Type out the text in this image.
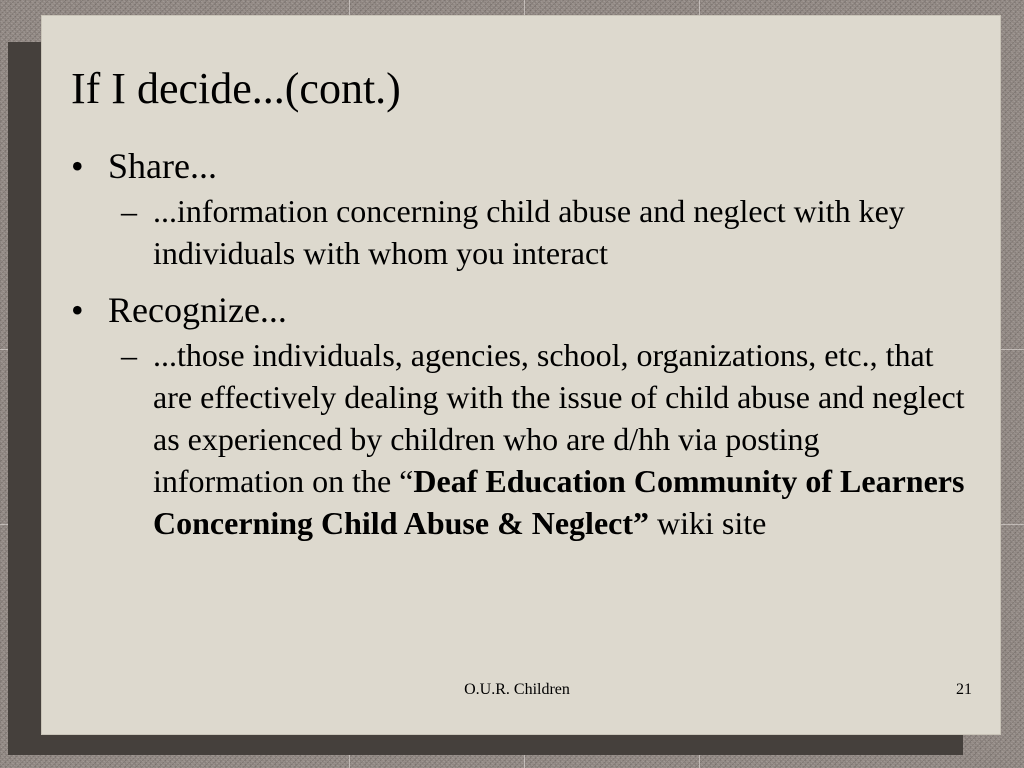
If I decide...(cont.)
• Share...
– ...information concerning child abuse and neglect with key individuals with whom you interact
• Recognize...
– ...those individuals, agencies, school, organizations, etc., that are effectively dealing with the issue of child abuse and neglect as experienced by children who are d/hh via posting information on the “Deaf Education Community of Learners Concerning Child Abuse & Neglect” wiki site
O.U.R. Children	21
